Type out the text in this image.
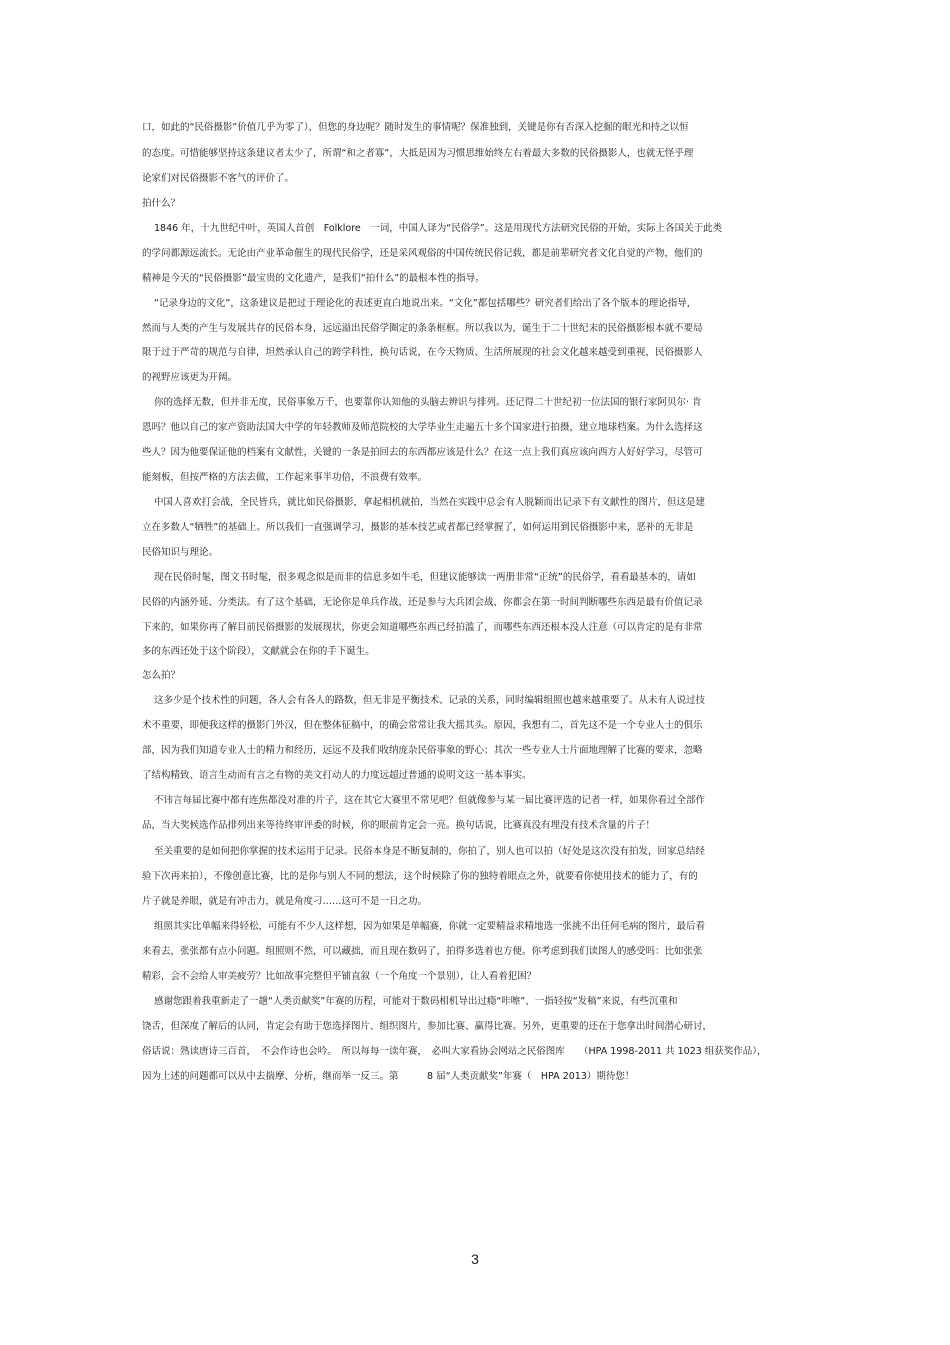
口，如此的“民俗摄影”价值几乎为零了），但您的身边呢？随时发生的事情呢？保准独到，关键是你有否深入挖掘的眼光和持之以恒

的态度。可惜能够坚持这条建议者太少了，所谓“和之者寡”，大抵是因为习惯思维始终左右着最大多数的民俗摄影人，也就无怪乎理

论家们对民俗摄影不客气的评价了。

拍什么？

1846 年，十九世纪中叶，英国人首创　Folklore　一词，中国人译为“民俗学”。这是用现代方法研究民俗的开始，实际上各国关于此类

的学问都源远流长。无论由产业革命催生的现代民俗学，还是采风观俗的中国传统民俗记载，都是前辈研究者文化自觉的产物，他们的

精神是今天的“民俗摄影”最宝贵的文化遗产，是我们“拍什么”的最根本性的指导。

“记录身边的文化”，这条建议是把过于理论化的表述更直白地说出来。“文化”都包括哪些？研究者们给出了各个版本的理论指导，

然而与人类的产生与发展共存的民俗本身，远远溢出民俗学圈定的条条框框。所以我以为，诞生于二十世纪末的民俗摄影根本就不要局

限于过于严苛的规范与自律，坦然承认自己的跨学科性，换句话说，在今天物质、生活所展现的社会文化越来越受到重视，民俗摄影人

的视野应该更为开阔。

你的选择无数，但并非无度，民俗事象万千，也要靠你认知他的头脑去辨识与排列。还记得二十世纪初一位法国的银行家阿贝尔· 肯

恩吗？他以自己的家产资助法国大中学的年轻教师及师范院校的大学毕业生走遍五十多个国家进行拍摄，建立地球档案。为什么选择这

些人？因为他要保证他的档案有文献性，关键的一条是拍回去的东西都应该是什么？在这一点上我们真应该向西方人好好学习，尽管可

能刻板，但按严格的方法去做，工作起来事半功倍，不浪费有效率。

中国人喜欢打会战，全民皆兵，就比如民俗摄影，拿起相机就拍，当然在实践中总会有人脱颖而出记录下有文献性的图片，但这是建

立在多数人“牺牲”的基础上。所以我们一直强调学习，摄影的基本技艺或者都已经掌握了，如何运用到民俗摄影中来，恶补的无非是

民俗知识与理论。

现在民俗时髦，图文书时髦，很多观念似是而非的信息多如牛毛，但建议能够读一两册非常“正统”的民俗学，看看最基本的，请如

民俗的内涵外延、分类法。有了这个基础，无论你是单兵作战，还是参与大兵团会战，你都会在第一时间判断哪些东西是最有价值记录

下来的，如果你再了解目前民俗摄影的发展现状，你更会知道哪些东西已经拍滥了，而哪些东西还根本没人注意（可以肯定的是有非常

多的东西还处于这个阶段），文献就会在你的手下诞生。

怎么拍？

这多少是个技术性的问题，各人会有各人的路数，但无非是平衡技术、记录的关系，同时编辑组照也越来越重要了。从未有人说过技

术不重要，即便我这样的摄影门外汉，但在整体征稿中，的确会常常让我大摇其头。原因，我想有二，首先这不是一个专业人士的俱乐

部，因为我们知道专业人士的精力和经历，远远不及我们收纳庞杂民俗事象的野心；其次一些专业人士片面地理解了比赛的要求，忽略

了结构精致、语言生动而有言之有物的美文打动人的力度远超过普通的说明文这一基本事实。

不讳言每届比赛中都有连焦都没对准的片子，这在其它大赛里不常见吧？但就像参与某一届比赛评选的记者一样，如果你看过全部作

品，当大奖候选作品排列出来等待终审评委的时候，你的眼前肯定会一亮。换句话说，比赛真没有埋没有技术含量的片子！

至关重要的是如何把你掌握的技术运用于记录。民俗本身是不断复制的，你拍了，别人也可以拍（好处是这次没有拍发，回家总结经

验下次再来拍），不像创意比赛，比的是你与别人不同的想法，这个时候除了你的独特着眼点之外，就要看你使用技术的能力了，有的

片子就是养眼，就是有冲击力，就是角度刁……这可不是一日之功。

组照其实比单幅来得轻松，可能有不少人这样想，因为如果是单幅赛，你就一定要精益求精地选一张挑不出任何毛病的图片，最后看

来看去，张张都有点小问题。组照则不然，可以藏拙，而且现在数码了，拍得多选着也方便。你考虑到我们读图人的感受吗：比如张张

精彩，会不会给人审美疲劳？比如故事完整但平铺直叙（一个角度一个景别），让人看着犯困？

感谢您跟着我重新走了一趟“人类贡献奖”年赛的历程，可能对于数码相机导出过瘾“咔嚓”、一指轻按“发稿”来说，有些沉重和

饶舌，但深度了解后的认同，肯定会有助于您选择图片、组织图片，参加比赛、赢得比赛。另外，更重要的还在于您拿出时间潜心研讨，

俗话说：熟读唐诗三百首，　不会作诗也会吟。　所以每每一读年赛，　必叫大家看协会网站之民俗图库　　（HPA 1998-2011 共 1023 组获奖作品），

因为上述的问题都可以从中去揣摩、分析，继而举一反三。第　　　8 届“人类贡献奖”年赛（　HPA 2013）期待您！

3
